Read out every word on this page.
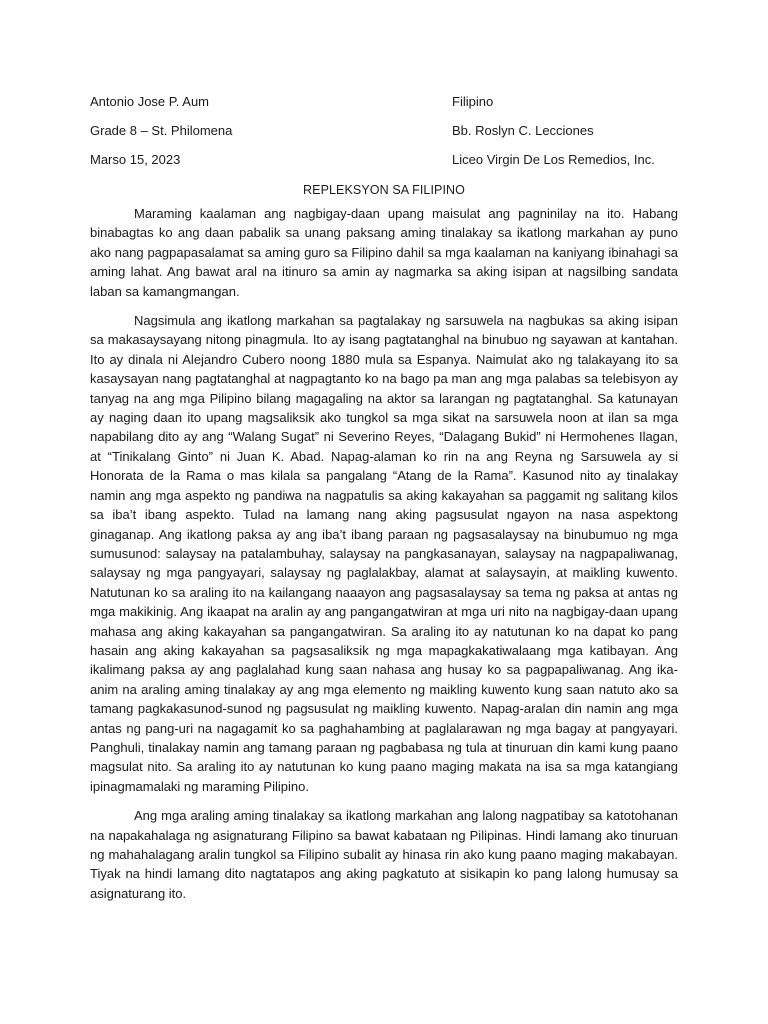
Antonio Jose P. Aum	Filipino
Grade 8 – St. Philomena	Bb. Roslyn C. Lecciones
Marso 15, 2023	Liceo Virgin De Los Remedios, Inc.
REPLEKSYON SA FILIPINO

Maraming kaalaman ang nagbigay-daan upang maisulat ang pagninilay na ito. Habang binabagtas ko ang daan pabalik sa unang paksang aming tinalakay sa ikatlong markahan ay puno ako nang pagpapasalamat sa aming guro sa Filipino dahil sa mga kaalaman na kaniyang ibinahagi sa aming lahat. Ang bawat aral na itinuro sa amin ay nagmarka sa aking isipan at nagsilbing sandata laban sa kamangmangan.

Nagsimula ang ikatlong markahan sa pagtalakay ng sarsuwela na nagbukas sa aking isipan sa makasaysayang nitong pinagmula. Ito ay isang pagtatanghal na binubuo ng sayawan at kantahan. Ito ay dinala ni Alejandro Cubero noong 1880 mula sa Espanya. Naimulat ako ng talakayang ito sa kasaysayan nang pagtatanghal at nagpagtanto ko na bago pa man ang mga palabas sa telebisyon ay tanyag na ang mga Pilipino bilang magagaling na aktor sa larangan ng pagtatanghal. Sa katunayan ay naging daan ito upang magsaliksik ako tungkol sa mga sikat na sarsuwela noon at ilan sa mga napabilang dito ay ang “Walang Sugat” ni Severino Reyes, “Dalagang Bukid” ni Hermohenes Ilagan, at “Tinikalang Ginto” ni Juan K. Abad. Napag-alaman ko rin na ang Reyna ng Sarsuwela ay si Honorata de la Rama o mas kilala sa pangalang “Atang de la Rama”. Kasunod nito ay tinalakay namin ang mga aspekto ng pandiwa na nagpatulis sa aking kakayahan sa paggamit ng salitang kilos sa iba’t ibang aspekto. Tulad na lamang nang aking pagsusulat ngayon na nasa aspektong ginaganap. Ang ikatlong paksa ay ang iba’t ibang paraan ng pagsasalaysay na binubumuo ng mga sumusunod: salaysay na patalambuhay, salaysay na pangkasanayan, salaysay na nagpapaliwanag, salaysay ng mga pangyayari, salaysay ng paglalakbay, alamat at salaysayin, at maikling kuwento. Natutunan ko sa araling ito na kailangang naaayon ang pagsasalaysay sa tema ng paksa at antas ng mga makikinig. Ang ikaapat na aralin ay ang pangangatwiran at mga uri nito na nagbigay-daan upang mahasa ang aking kakayahan sa pangangatwiran. Sa araling ito ay natutunan ko na dapat ko pang hasain ang aking kakayahan sa pagsasaliksik ng mga mapagkakatiwalaang mga katibayan. Ang ikalimang paksa ay ang paglalahad kung saan nahasa ang husay ko sa pagpapaliwanag. Ang ika-anim na araling aming tinalakay ay ang mga elemento ng maikling kuwento kung saan natuto ako sa tamang pagkakasunod-sunod ng pagsusulat ng maikling kuwento. Napag-aralan din namin ang mga antas ng pang-uri na nagagamit ko sa paghahambing at paglalarawan ng mga bagay at pangyayari. Panghuli, tinalakay namin ang tamang paraan ng pagbabasa ng tula at tinuruan din kami kung paano magsulat nito. Sa araling ito ay natutunan ko kung paano maging makata na isa sa mga katangiang ipinagmamalaki ng maraming Pilipino.

Ang mga araling aming tinalakay sa ikatlong markahan ang lalong nagpatibay sa katotohanan na napakahalaga ng asignaturang Filipino sa bawat kabataan ng Pilipinas. Hindi lamang ako tinuruan ng mahahalagang aralin tungkol sa Filipino subalit ay hinasa rin ako kung paano maging makabayan. Tiyak na hindi lamang dito nagtatapos ang aking pagkatuto at sisikapin ko pang lalong humusay sa asignaturang ito.
